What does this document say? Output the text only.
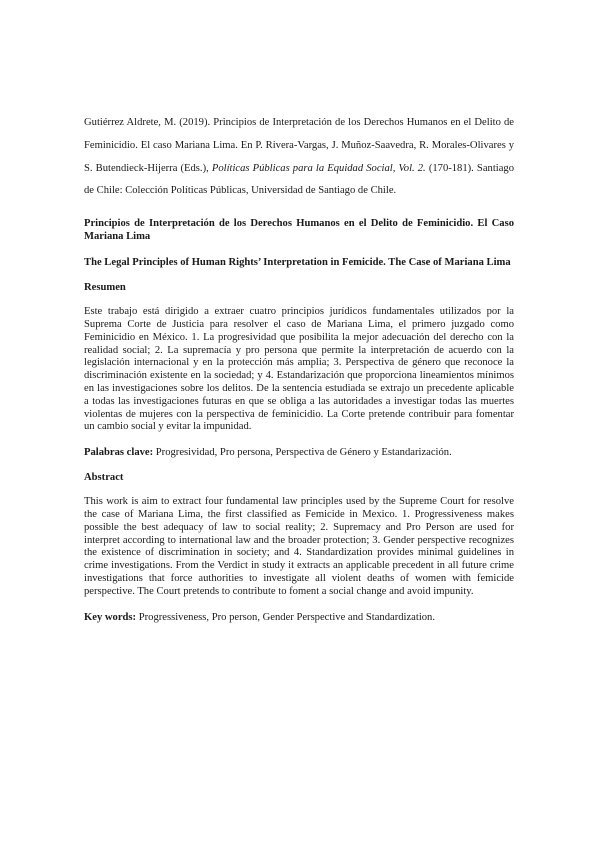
Gutiérrez Aldrete, M. (2019). Principios de Interpretación de los Derechos Humanos en el Delito de Feminicidio. El caso Mariana Lima. En P. Rivera-Vargas, J. Muñoz-Saavedra, R. Morales-Olivares y S. Butendieck-Hijerra (Eds.), Políticas Públicas para la Equidad Social, Vol. 2. (170-181). Santiago de Chile: Colección Políticas Públicas, Universidad de Santiago de Chile.

Principios de Interpretación de los Derechos Humanos en el Delito de Feminicidio. El Caso Mariana Lima

The Legal Principles of Human Rights’ Interpretation in Femicide. The Case of Mariana Lima

Resumen

Este trabajo está dirigido a extraer cuatro principios jurídicos fundamentales utilizados por la Suprema Corte de Justicia para resolver el caso de Mariana Lima, el primero juzgado como Feminicidio en México. 1. La progresividad que posibilita la mejor adecuación del derecho con la realidad social; 2. La supremacía y pro persona que permite la interpretación de acuerdo con la legislación internacional y en la protección más amplia; 3. Perspectiva de género que reconoce la discriminación existente en la sociedad; y 4. Estandarización que proporciona lineamientos mínimos en las investigaciones sobre los delitos. De la sentencia estudiada se extrajo un precedente aplicable a todas las investigaciones futuras en que se obliga a las autoridades a investigar todas las muertes violentas de mujeres con la perspectiva de feminicidio. La Corte pretende contribuir para fomentar un cambio social y evitar la impunidad.

Palabras clave: Progresividad, Pro persona, Perspectiva de Género y Estandarización.

Abstract

This work is aim to extract four fundamental law principles used by the Supreme Court for resolve the case of Mariana Lima, the first classified as Femicide in Mexico. 1. Progressiveness makes possible the best adequacy of law to social reality; 2. Supremacy and Pro Person are used for interpret according to international law and the broader protection; 3. Gender perspective recognizes the existence of discrimination in society; and 4. Standardization provides minimal guidelines in crime investigations. From the Verdict in study it extracts an applicable precedent in all future crime investigations that force authorities to investigate all violent deaths of women with femicide perspective. The Court pretends to contribute to foment a social change and avoid impunity.

Key words: Progressiveness, Pro person, Gender Perspective and Standardization.
